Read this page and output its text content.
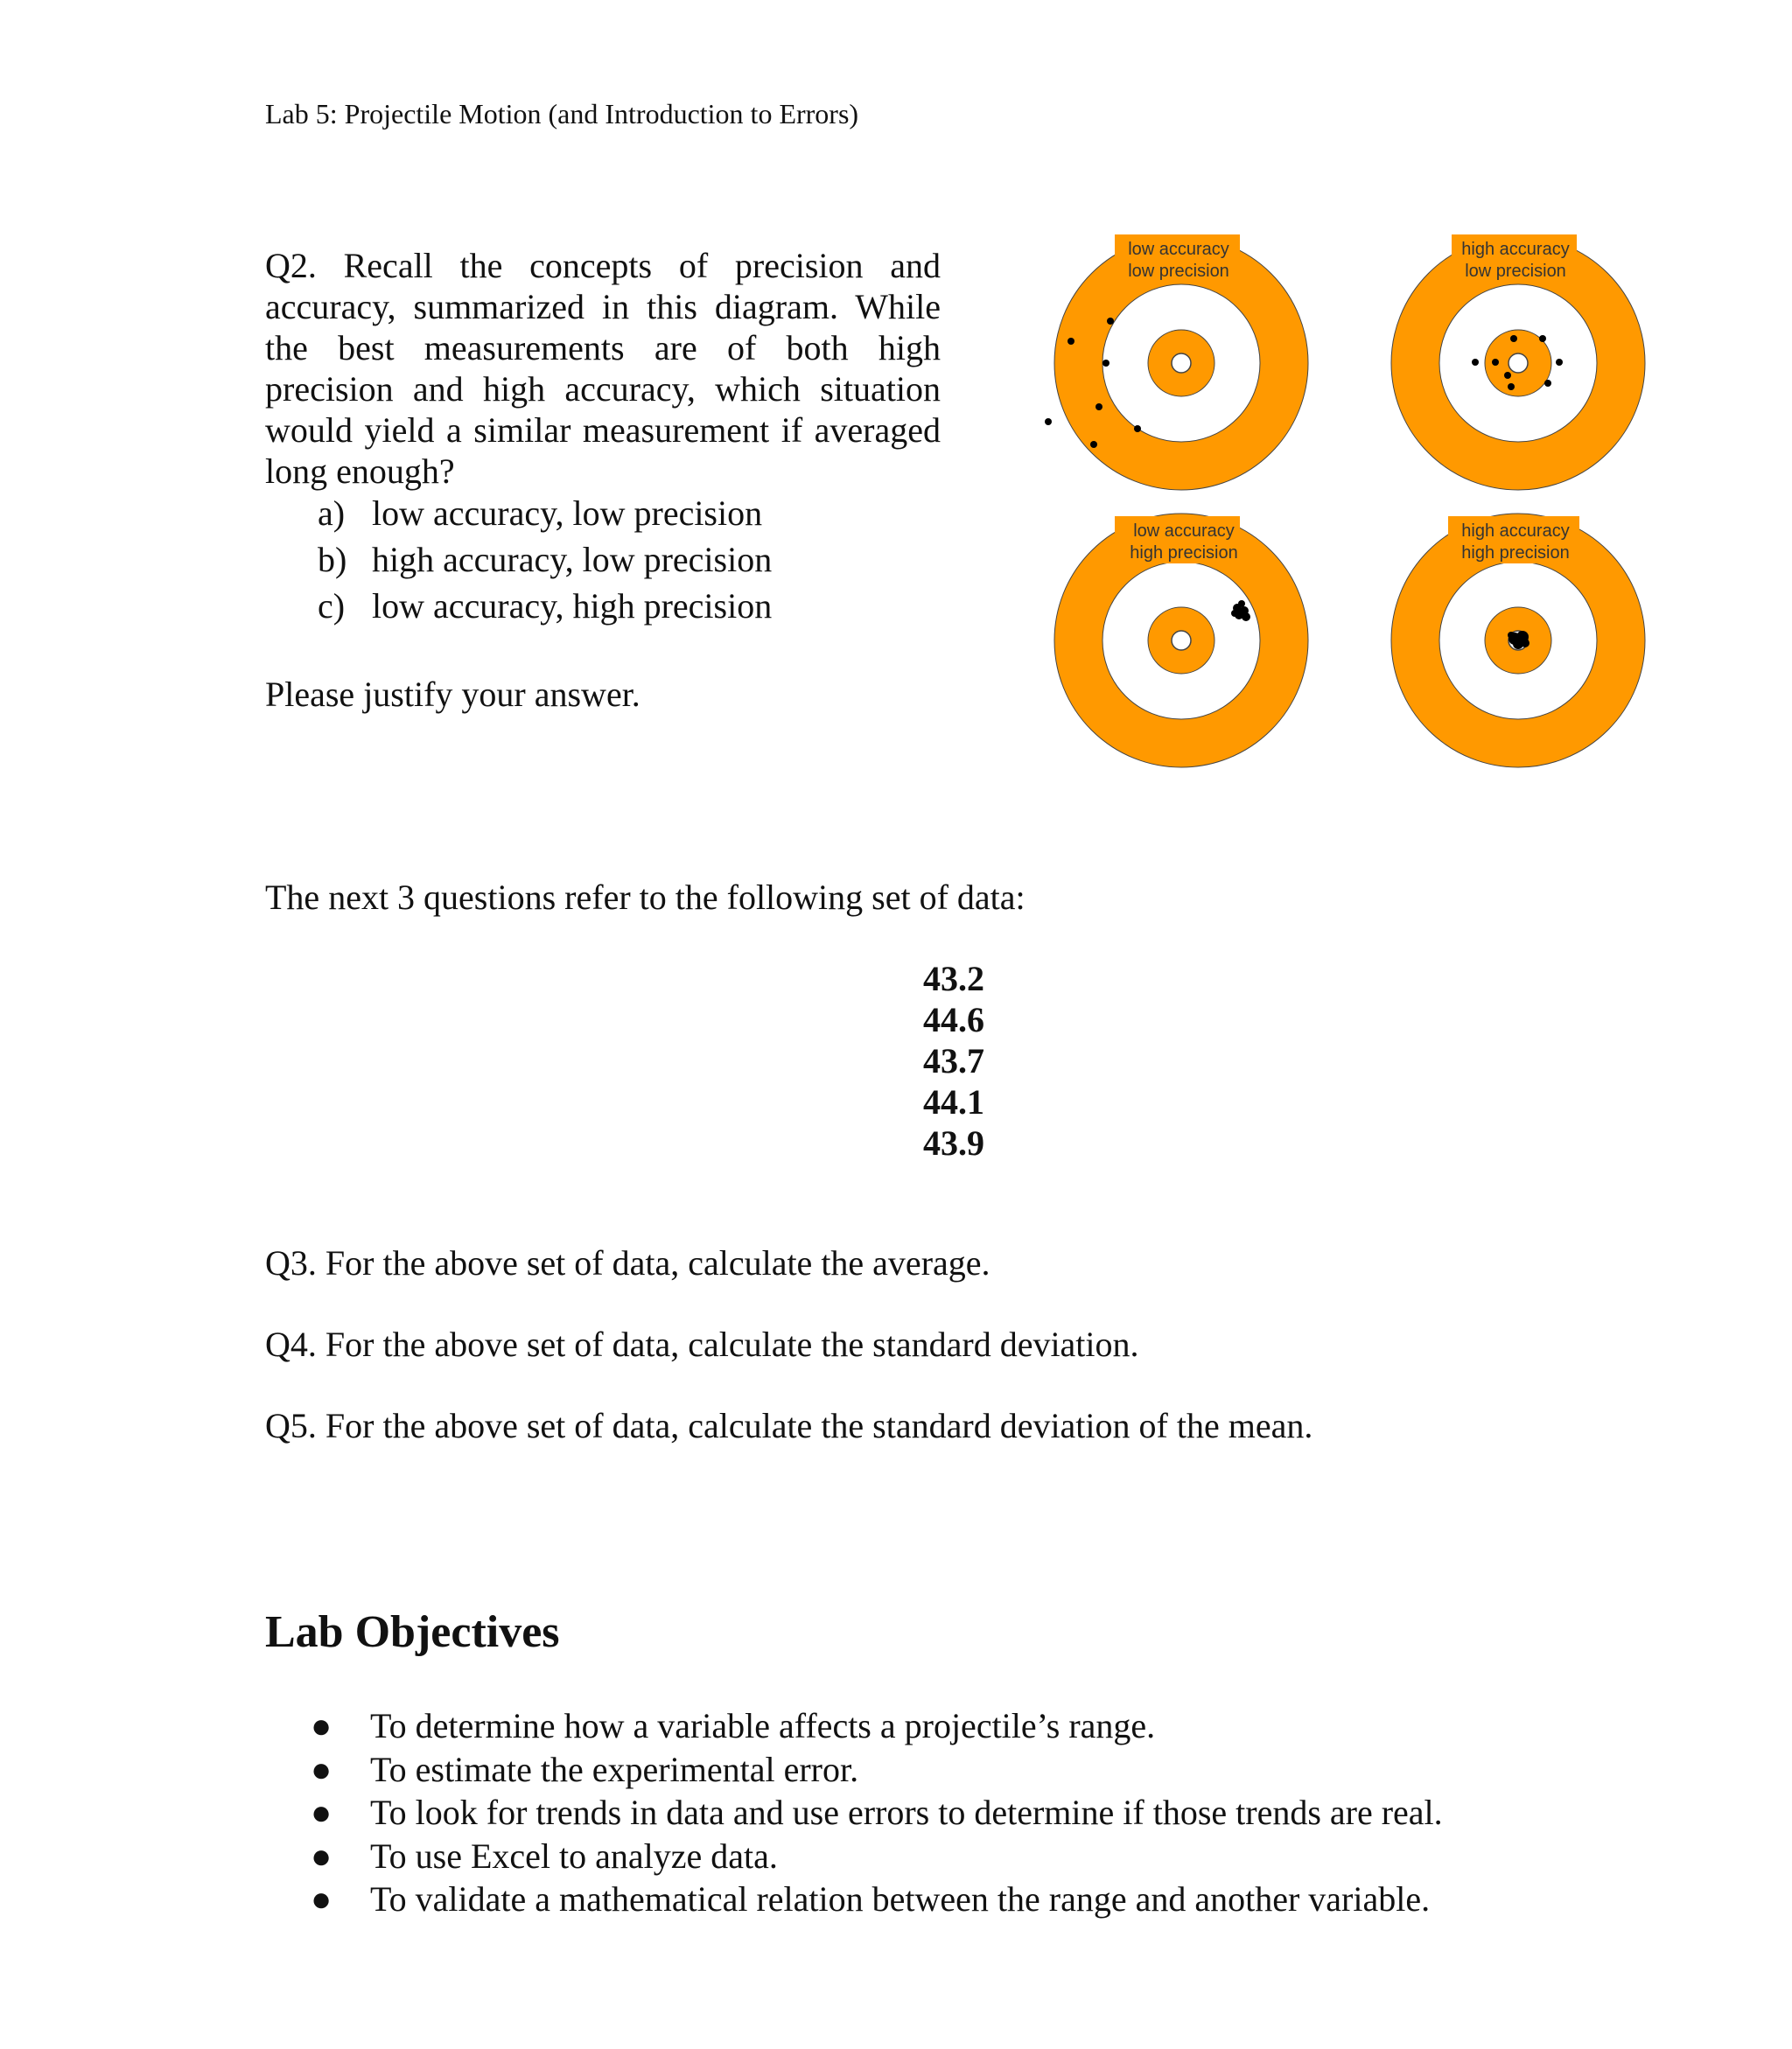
Lab 5: Projectile Motion (and Introduction to Errors)
Q2. Recall the concepts of precision and accuracy, summarized in this diagram. While the best measurements are of both high precision and high accuracy, which situation would yield a similar measurement if averaged long enough?
a) low accuracy, low precision
b) high accuracy, low precision
c) low accuracy, high precision
Please justify your answer.
low accuracy
low precision
high accuracy
low precision
low accuracy
high precision
high accuracy
high precision
The next 3 questions refer to the following set of data:
43.2
44.6
43.7
44.1
43.9
Q3. For the above set of data, calculate the average.
Q4. For the above set of data, calculate the standard deviation.
Q5. For the above set of data, calculate the standard deviation of the mean.
Lab Objectives
●	To determine how a variable affects a projectile’s range.
●	To estimate the experimental error.
●	To look for trends in data and use errors to determine if those trends are real.
●	To use Excel to analyze data.
●	To validate a mathematical relation between the range and another variable.
